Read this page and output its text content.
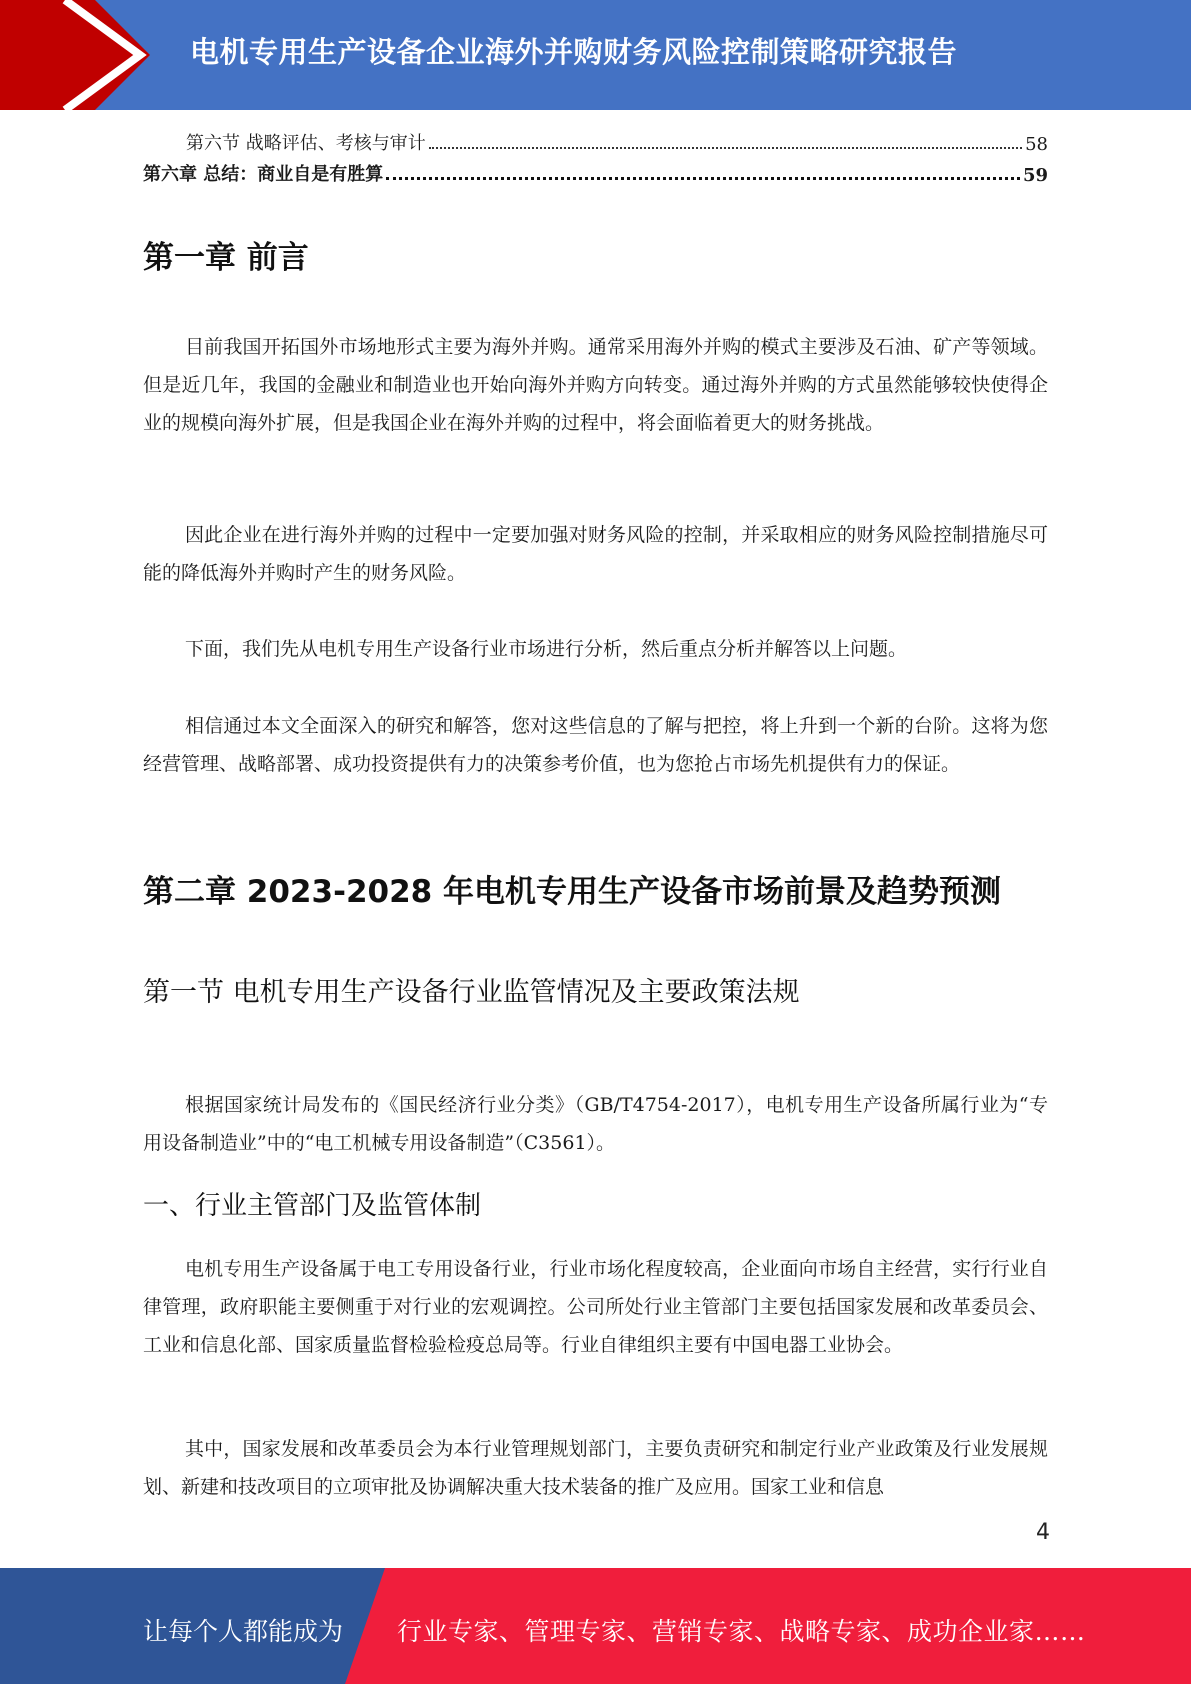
电机专用生产设备企业海外并购财务风险控制策略研究报告
第六节 战略评估、考核与审计	58
第六章 总结：商业自是有胜算	59
第一章 前言
目前我国开拓国外市场地形式主要为海外并购。通常采用海外并购的模式主要涉及石油、矿产等领域。但是近几年，我国的金融业和制造业也开始向海外并购方向转变。通过海外并购的方式虽然能够较快使得企业的规模向海外扩展，但是我国企业在海外并购的过程中，将会面临着更大的财务挑战。
因此企业在进行海外并购的过程中一定要加强对财务风险的控制，并采取相应的财务风险控制措施尽可能的降低海外并购时产生的财务风险。
下面，我们先从电机专用生产设备行业市场进行分析，然后重点分析并解答以上问题。
相信通过本文全面深入的研究和解答，您对这些信息的了解与把控，将上升到一个新的台阶。这将为您经营管理、战略部署、成功投资提供有力的决策参考价值，也为您抢占市场先机提供有力的保证。
第二章 2023-2028 年电机专用生产设备市场前景及趋势预测
第一节 电机专用生产设备行业监管情况及主要政策法规
根据国家统计局发布的《国民经济行业分类》（GB/T4754-2017），电机专用生产设备所属行业为“专用设备制造业”中的“电工机械专用设备制造”（C3561）。
一、行业主管部门及监管体制
电机专用生产设备属于电工专用设备行业，行业市场化程度较高，企业面向市场自主经营，实行行业自律管理，政府职能主要侧重于对行业的宏观调控。公司所处行业主管部门主要包括国家发展和改革委员会、工业和信息化部、国家质量监督检验检疫总局等。行业自律组织主要有中国电器工业协会。
其中，国家发展和改革委员会为本行业管理规划部门，主要负责研究和制定行业产业政策及行业发展规划、新建和技改项目的立项审批及协调解决重大技术装备的推广及应用。国家工业和信息
4
让每个人都能成为 行业专家、管理专家、营销专家、战略专家、成功企业家……
